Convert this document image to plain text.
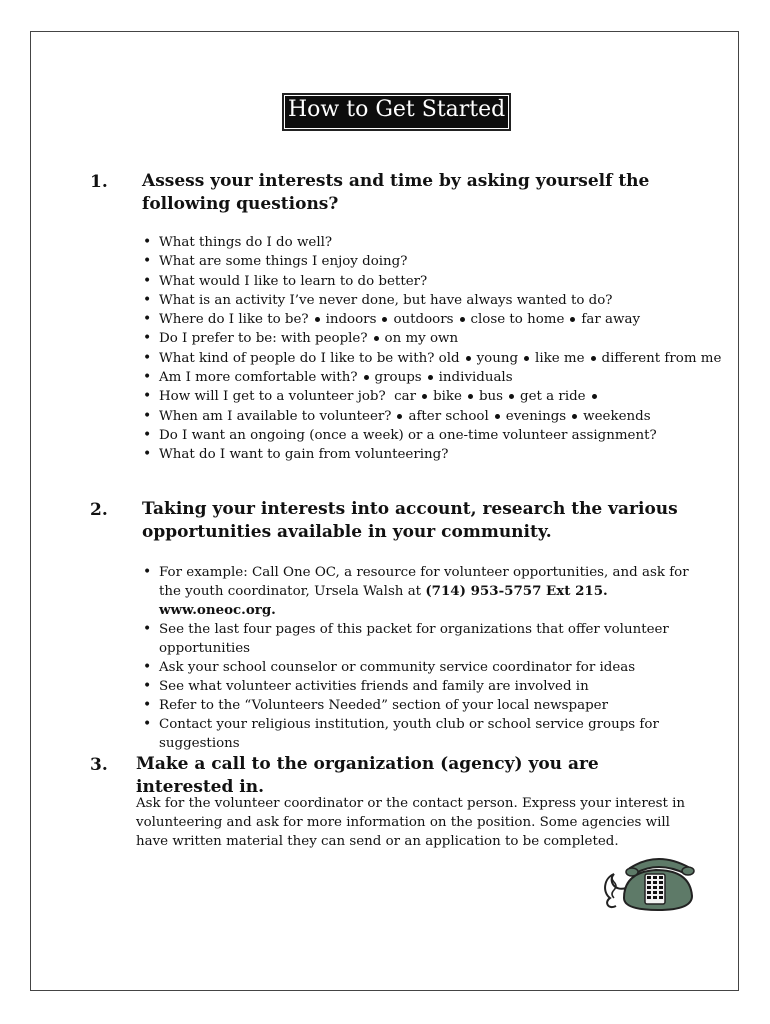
How to Get Started
1. Assess your interests and time by asking yourself the following questions?
• What things do I do well?
• What are some things I enjoy doing?
• What would I like to learn to do better?
• What is an activity I’ve never done, but have always wanted to do?
• Where do I like to be? indoors outdoors close to home far away
• Do I prefer to be: with people? on my own
• What kind of people do I like to be with? old young like me different from me
• Am I more comfortable with? groups individuals
• How will I get to a volunteer job? car bike bus get a ride
• When am I available to volunteer? after school evenings weekends
• Do I want an ongoing (once a week) or a one-time volunteer assignment?
• What do I want to gain from volunteering?
2. Taking your interests into account, research the various opportunities available in your community.
• For example: Call One OC, a resource for volunteer opportunities, and ask for the youth coordinator, Ursela Walsh at (714) 953-5757 Ext 215. www.oneoc.org.
• See the last four pages of this packet for organizations that offer volunteer opportunities
• Ask your school counselor or community service coordinator for ideas
• See what volunteer activities friends and family are involved in
• Refer to the “Volunteers Needed” section of your local newspaper
• Contact your religious institution, youth club or school service groups for suggestions
3. Make a call to the organization (agency) you are interested in.
Ask for the volunteer coordinator or the contact person. Express your interest in volunteering and ask for more information on the position. Some agencies will have written material they can send or an application to be completed.
